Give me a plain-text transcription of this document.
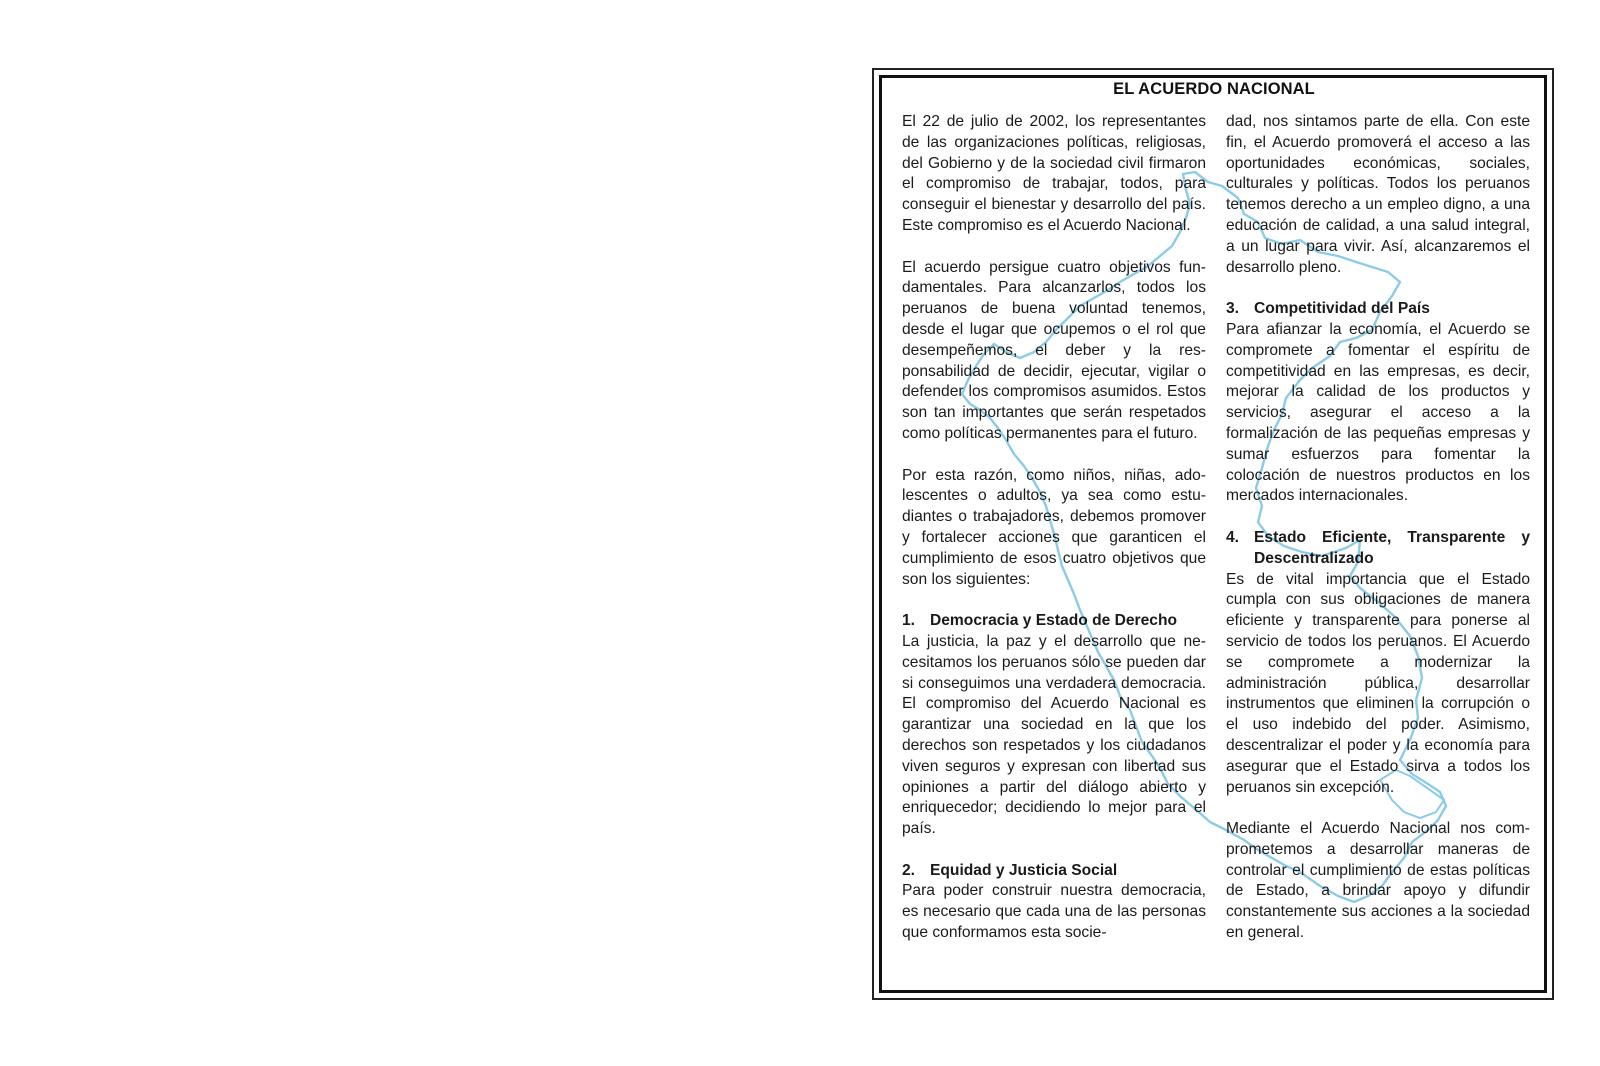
EL ACUERDO NACIONAL

El 22 de julio de 2002, los representantes de las organizaciones políticas, religiosas, del Gobierno y de la sociedad civil firmaron el compromiso de trabajar, todos, para conseguir el bienestar y desarrollo del país. Este compromiso es el Acuerdo Nacional.

El acuerdo persigue cuatro objetivos fundamentales. Para alcanzarlos, todos los peruanos de buena voluntad tenemos, desde el lugar que ocupemos o el rol que desempeñemos, el deber y la responsabilidad de decidir, ejecutar, vigilar o defender los compromisos asumidos. Estos son tan importantes que serán respetados como políticas permanentes para el futuro.

Por esta razón, como niños, niñas, adolescentes o adultos, ya sea como estudiantes o trabajadores, debemos promover y fortalecer acciones que garanticen el cumplimiento de esos cuatro objetivos que son los siguientes:

1. Democracia y Estado de Derecho

La justicia, la paz y el desarrollo que necesitamos los peruanos sólo se pueden dar si conseguimos una verdadera democracia. El compromiso del Acuerdo Nacional es garantizar una sociedad en la que los derechos son respetados y los ciudadanos viven seguros y expresan con libertad sus opiniones a partir del diálogo abierto y enriquecedor; decidiendo lo mejor para el país.

2. Equidad y Justicia Social

Para poder construir nuestra democracia, es necesario que cada una de las personas que conformamos esta socie-

dad, nos sintamos parte de ella. Con este fin, el Acuerdo promoverá el acceso a las oportunidades económicas, sociales, culturales y políticas. Todos los peruanos tenemos derecho a un empleo digno, a una educación de calidad, a una salud integral, a un lugar para vivir. Así, alcanzaremos el desarrollo pleno.

3. Competitividad del País

Para afianzar la economía, el Acuerdo se compromete a fomentar el espíritu de competitividad en las empresas, es decir, mejorar la calidad de los productos y servicios, asegurar el acceso a la formalización de las pequeñas empresas y sumar esfuerzos para fomentar la colocación de nuestros productos en los mercados internacionales.

4. Estado Eficiente, Transparente y Descentralizado

Es de vital importancia que el Estado cumpla con sus obligaciones de manera eficiente y transparente para ponerse al servicio de todos los peruanos. El Acuerdo se compromete a modernizar la administración pública, desarrollar instrumentos que eliminen la corrupción o el uso indebido del poder. Asimismo, descentralizar el poder y la economía para asegurar que el Estado sirva a todos los peruanos sin excepción.

Mediante el Acuerdo Nacional nos comprometemos a desarrollar maneras de controlar el cumplimiento de estas políticas de Estado, a brindar apoyo y difundir constantemente sus acciones a la sociedad en general.
